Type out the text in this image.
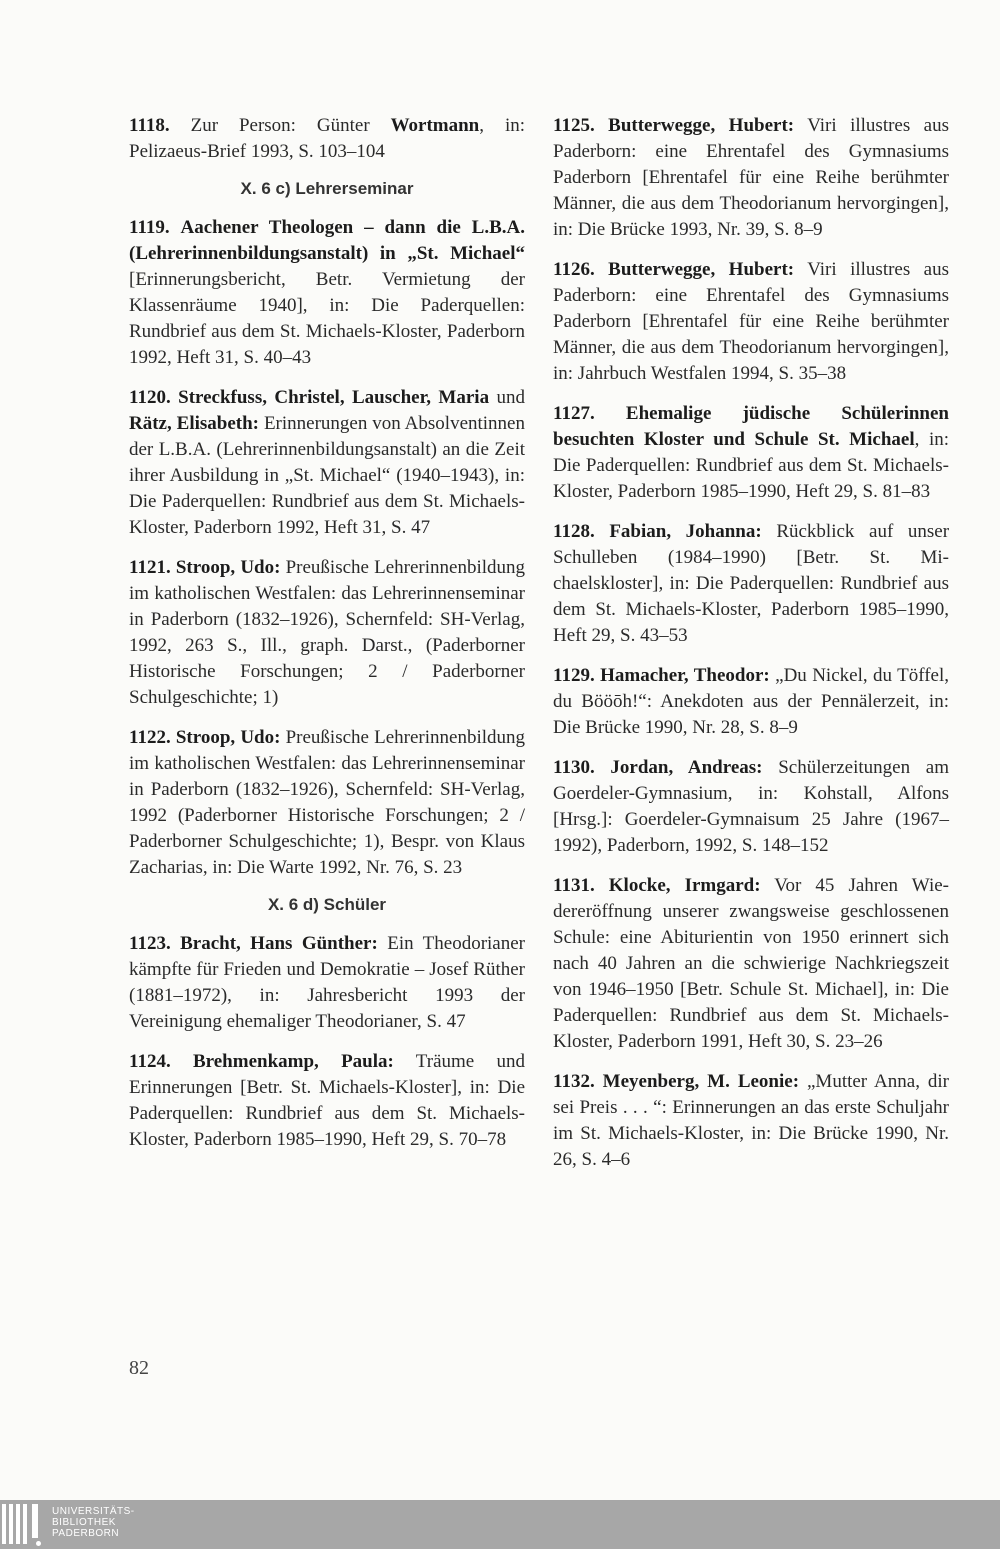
1118. Zur Person: Günter Wortmann, in: Pelizaeus-Brief 1993, S. 103–104

X. 6 c) Lehrerseminar

1119. Aachener Theologen – dann die L.B.A. (Lehrerinnenbildungsanstalt) in „St. Michael“ [Erinnerungsbericht, Betr. Vermietung der Klassenräume 1940], in: Die Paderquellen: Rundbrief aus dem St. Michaels-Kloster, Paderborn 1992, Heft 31, S. 40–43

1120. Streckfuss, Christel, Lauscher, Maria und Rätz, Elisabeth: Erinnerungen von Absolventinnen der L.B.A. (Lehrerinnenbildungsanstalt) an die Zeit ihrer Ausbildung in „St. Michael“ (1940–1943), in: Die Paderquellen: Rundbrief aus dem St. Michaels-Kloster, Paderborn 1992, Heft 31, S. 47

1121. Stroop, Udo: Preußische Lehrerinnenbildung im katholischen Westfalen: das Lehrerinnenseminar in Paderborn (1832–1926), Schernfeld: SH-Verlag, 1992, 263 S., Ill., graph. Darst., (Paderborner Historische Forschungen; 2 / Paderborner Schulgeschichte; 1)

1122. Stroop, Udo: Preußische Lehrerinnenbildung im katholischen Westfalen: das Lehrerinnenseminar in Paderborn (1832–1926), Schernfeld: SH-Verlag, 1992 (Paderborner Historische Forschungen; 2 / Paderborner Schulgeschichte; 1), Bespr. von Klaus Zacharias, in: Die Warte 1992, Nr. 76, S. 23

X. 6 d) Schüler

1123. Bracht, Hans Günther: Ein Theodorianer kämpfte für Frieden und Demokratie – Josef Rüther (1881–1972), in: Jahresbericht 1993 der Vereinigung ehemaliger Theodorianer, S. 47

1124. Brehmenkamp, Paula: Träume und Erinnerungen [Betr. St. Michaels-Kloster], in: Die Paderquellen: Rundbrief aus dem St. Michaels-Kloster, Paderborn 1985–1990, Heft 29, S. 70–78

1125. Butterwegge, Hubert: Viri illustres aus Paderborn: eine Ehrentafel des Gymnasiums Paderborn [Ehrentafel für eine Reihe berühmter Männer, die aus dem Theodorianum hervorgingen], in: Die Brücke 1993, Nr. 39, S. 8–9

1126. Butterwegge, Hubert: Viri illustres aus Paderborn: eine Ehrentafel des Gymnasiums Paderborn [Ehrentafel für eine Reihe berühmter Männer, die aus dem Theodorianum hervorgingen], in: Jahrbuch Westfalen 1994, S. 35–38

1127. Ehemalige jüdische Schülerinnen besuchten Kloster und Schule St. Michael, in: Die Paderquellen: Rundbrief aus dem St. Michaels-Kloster, Paderborn 1985–1990, Heft 29, S. 81–83

1128. Fabian, Johanna: Rückblick auf unser Schulleben (1984–1990) [Betr. St. Michaelskloster], in: Die Paderquellen: Rundbrief aus dem St. Michaels-Kloster, Paderborn 1985–1990, Heft 29, S. 43–53

1129. Hamacher, Theodor: „Du Nickel, du Töffel, du Bööōh!“: Anekdoten aus der Pennälerzeit, in: Die Brücke 1990, Nr. 28, S. 8–9

1130. Jordan, Andreas: Schülerzeitungen am Goerdeler-Gymnasium, in: Kohstall, Alfons [Hrsg.]: Goerdeler-Gymnaisum 25 Jahre (1967–1992), Paderborn, 1992, S. 148–152

1131. Klocke, Irmgard: Vor 45 Jahren Wiedereröffnung unserer zwangsweise geschlossenen Schule: eine Abiturientin von 1950 erinnert sich nach 40 Jahren an die schwierige Nachkriegszeit von 1946–1950 [Betr. Schule St. Michael], in: Die Paderquellen: Rundbrief aus dem St. Michaels-Kloster, Paderborn 1991, Heft 30, S. 23–26

1132. Meyenberg, M. Leonie: „Mutter Anna, dir sei Preis . . . “: Erinnerungen an das erste Schuljahr im St. Michaels-Kloster, in: Die Brücke 1990, Nr. 26, S. 4–6

82
UNIVERSITÄTS-
BIBLIOTHEK
PADERBORN
